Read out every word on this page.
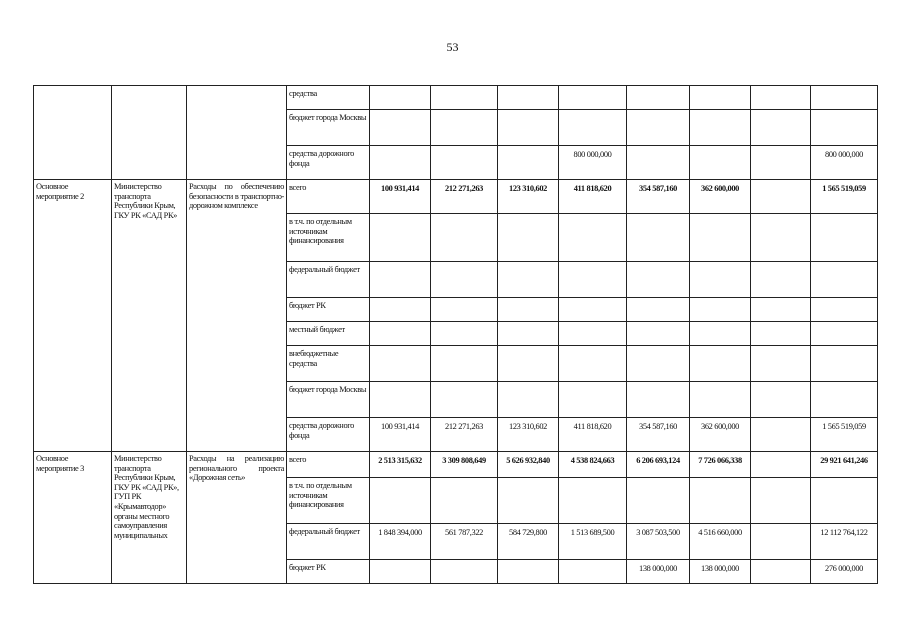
53
			средства								
			бюджет города Москвы								
			средства дорожного фонда				800 000,000				800 000,000
Основное мероприятие 2	Министерство транспорта Республики Крым, ГКУ РК «САД РК»	Расходы по обеспечению безопасности в транспортно-дорожном комплексе	всего	100 931,414	212 271,263	123 310,602	411 818,620	354 587,160	362 600,000		1 565 519,059
			в т.ч. по отдельным источникам финансирования								
			федеральный бюджет								
			бюджет РК								
			местный бюджет								
			внебюджетные средства								
			бюджет города Москвы								
			средства дорожного фонда	100 931,414	212 271,263	123 310,602	411 818,620	354 587,160	362 600,000		1 565 519,059
Основное мероприятие 3	Министерство транспорта Республики Крым, ГКУ РК «САД РК», ГУП РК «Крымавтодор» органы местного самоуправления муниципальных	Расходы на реализацию регионального проекта «Дорожная сеть»	всего	2 513 315,632	3 309 808,649	5 626 932,840	4 538 824,663	6 206 693,124	7 726 066,338		29 921 641,246
			в т.ч. по отдельным источникам финансирования								
			федеральный бюджет	1 848 394,000	561 787,322	584 729,800	1 513 689,500	3 087 503,500	4 516 660,000		12 112 764,122
			бюджет РК					138 000,000	138 000,000		276 000,000
